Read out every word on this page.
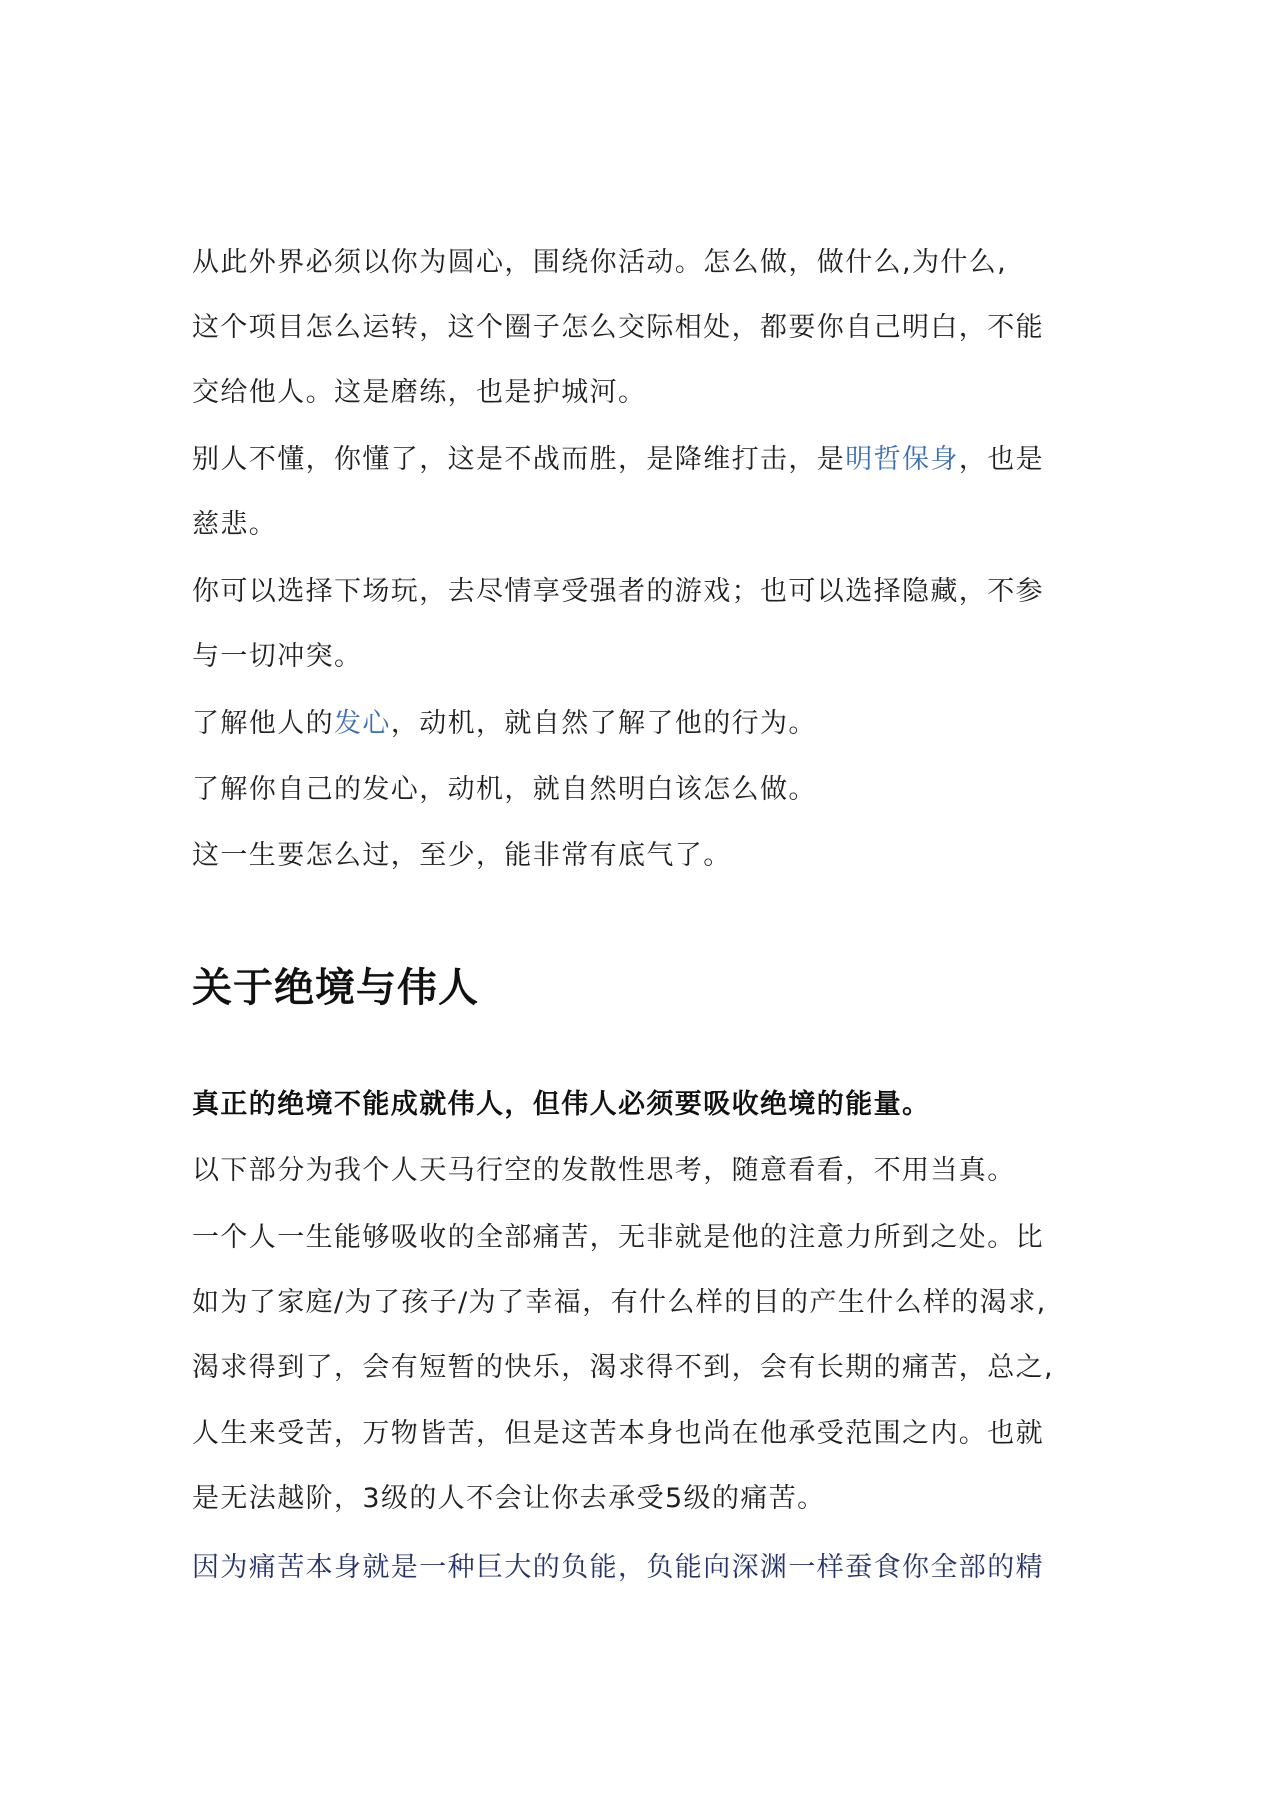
从此外界必须以你为圆心，围绕你活动。怎么做，做什么,为什么,
这个项目怎么运转，这个圈子怎么交际相处，都要你自己明白，不能
交给他人。这是磨练，也是护城河。
别人不懂，你懂了，这是不战而胜，是降维打击，是明哲保身，也是
慈悲。
你可以选择下场玩，去尽情享受强者的游戏；也可以选择隐藏，不参
与一切冲突。
了解他人的发心，动机，就自然了解了他的行为。
了解你自己的发心，动机，就自然明白该怎么做。
这一生要怎么过，至少，能非常有底气了。
关于绝境与伟人
真正的绝境不能成就伟人，但伟人必须要吸收绝境的能量。
以下部分为我个人天马行空的发散性思考，随意看看，不用当真。
一个人一生能够吸收的全部痛苦，无非就是他的注意力所到之处。比
如为了家庭/为了孩子/为了幸福，有什么样的目的产生什么样的渴求,
渴求得到了，会有短暂的快乐，渴求得不到，会有长期的痛苦，总之,
人生来受苦，万物皆苦，但是这苦本身也尚在他承受范围之内。也就
是无法越阶，3级的人不会让你去承受5级的痛苦。
因为痛苦本身就是一种巨大的负能，负能向深渊一样蚕食你全部的精
